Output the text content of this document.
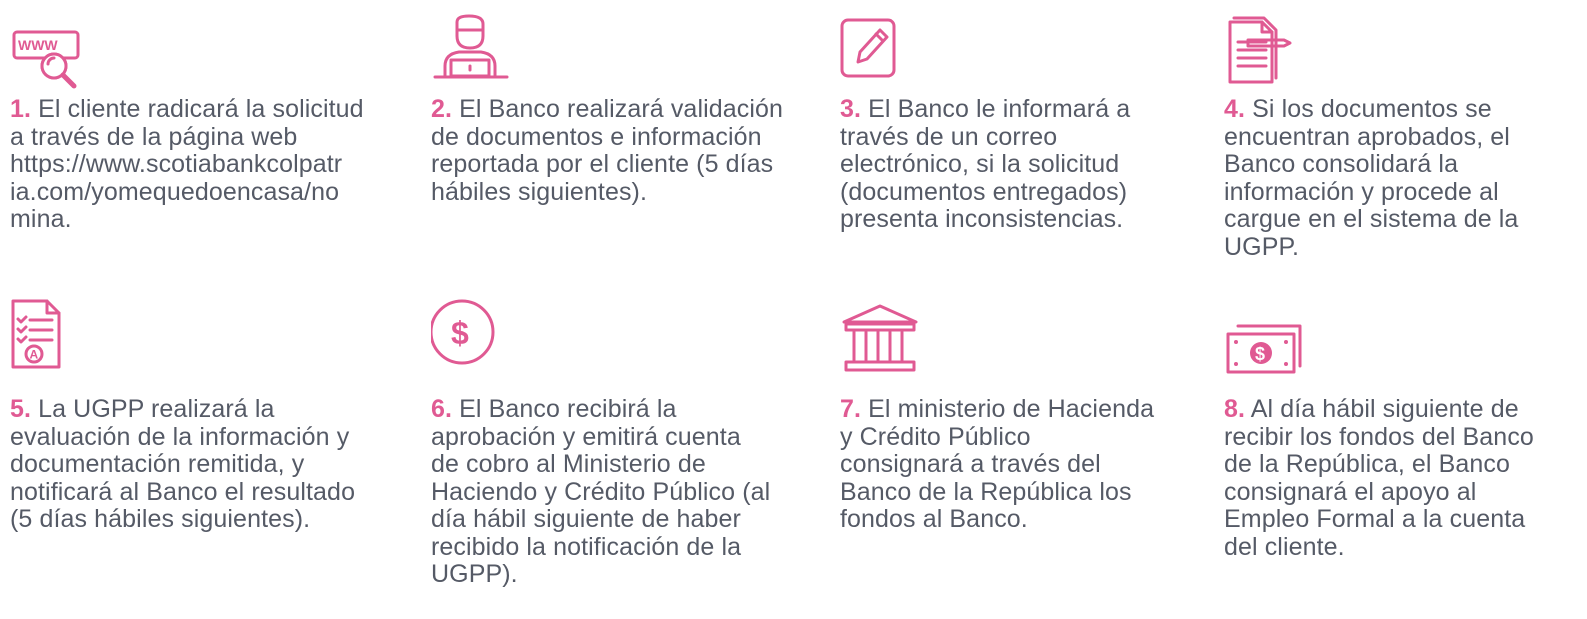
WWW

1. El cliente radicará la solicitud
a través de la página web
https://www.scotiabankcolpatr
ia.com/yomequedoencasa/no
mina.

2. El Banco realizará validación
de documentos e información
reportada por el cliente (5 días
hábiles siguientes).

3. El Banco le informará a
través de un correo
electrónico, si la solicitud
(documentos entregados)
presenta inconsistencias.

4. Si los documentos se
encuentran aprobados, el
Banco consolidará la
información y procede al
cargue en el sistema de la
UGPP.

A

5. La UGPP realizará la
evaluación de la información y
documentación remitida, y
notificará al Banco el resultado
(5 días hábiles siguientes).

$

6. El Banco recibirá la
aprobación y emitirá cuenta
de cobro al Ministerio de
Haciendo y Crédito Público (al
día hábil siguiente de haber
recibido la notificación de la
UGPP).

7. El ministerio de Hacienda
y Crédito Público
consignará a través del
Banco de la República los
fondos al Banco.

$

8. Al día hábil siguiente de
recibir los fondos del Banco
de la República, el Banco
consignará el apoyo al
Empleo Formal a la cuenta
del cliente.
